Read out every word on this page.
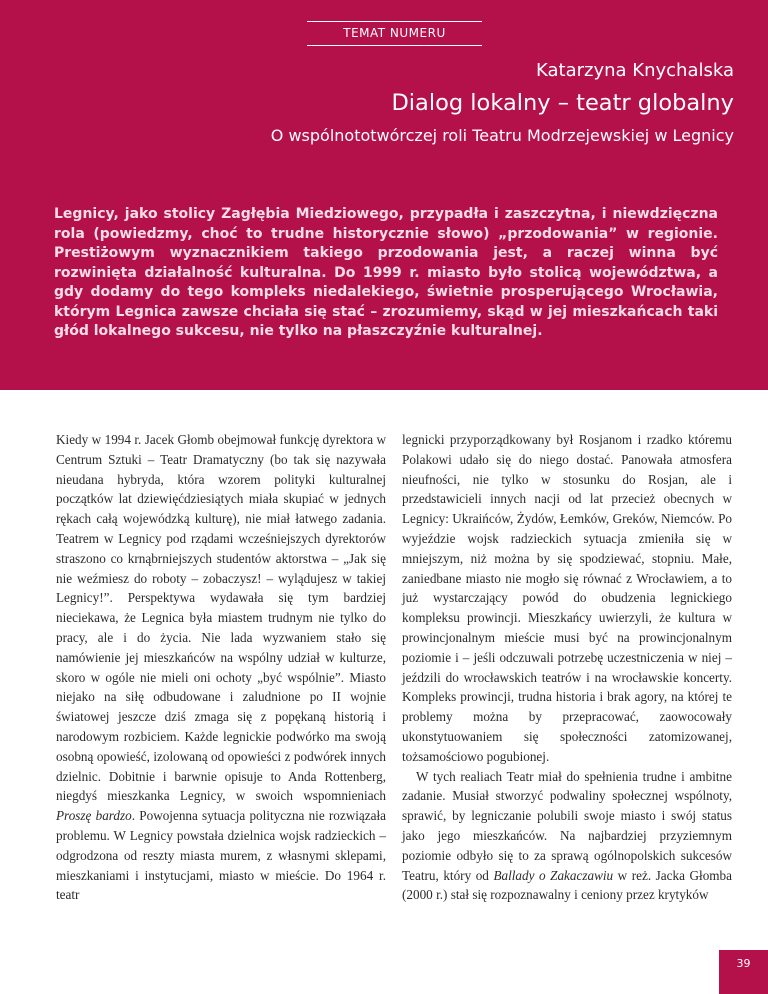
TEMAT NUMERU
Katarzyna Knychalska
Dialog lokalny – teatr globalny
O wspólnototwórczej roli Teatru Modrzejewskiej w Legnicy

Legnicy, jako stolicy Zagłębia Miedziowego, przypadła i zaszczytna, i niewdzięczna rola (powiedzmy, choć to trudne historycznie słowo) „przodowania” w regionie. Prestiżowym wyznacznikiem takiego przodowania jest, a raczej winna być rozwinięta działalność kulturalna. Do 1999 r. miasto było stolicą województwa, a gdy dodamy do tego kompleks niedalekiego, świetnie prosperującego Wrocławia, którym Legnica zawsze chciała się stać – zrozumiemy, skąd w jej mieszkańcach taki głód lokalnego sukcesu, nie tylko na płaszczyźnie kulturalnej.

Kiedy w 1994 r. Jacek Głomb obejmował funkcję dyrektora w Centrum Sztuki – Teatr Dramatyczny (bo tak się nazywała nieudana hybryda, która wzorem polityki kulturalnej początków lat dziewięćdziesiątych miała skupiać w jednych rękach całą wojewódzką kulturę), nie miał łatwego zadania. Teatrem w Legnicy pod rządami wcześniejszych dyrektorów straszono co krnąbrniejszych studentów aktorstwa – „Jak się nie weźmiesz do roboty – zobaczysz! – wylądujesz w takiej Legnicy!”. Perspektywa wydawała się tym bardziej nieciekawa, że Legnica była miastem trudnym nie tylko do pracy, ale i do życia. Nie lada wyzwaniem stało się namówienie jej mieszkańców na wspólny udział w kulturze, skoro w ogóle nie mieli oni ochoty „być wspólnie”. Miasto niejako na siłę odbudowane i zaludnione po II wojnie światowej jeszcze dziś zmaga się z popękaną historią i narodowym rozbiciem. Każde legnickie podwórko ma swoją osobną opowieść, izolowaną od opowieści z podwórek innych dzielnic. Dobitnie i barwnie opisuje to Anda Rottenberg, niegdyś mieszkanka Legnicy, w swoich wspomnieniach Proszę bardzo. Powojenna sytuacja polityczna nie rozwiązała problemu. W Legnicy powstała dzielnica wojsk radzieckich – odgrodzona od reszty miasta murem, z własnymi sklepami, mieszkaniami i instytucjami, miasto w mieście. Do 1964 r. teatr

legnicki przyporządkowany był Rosjanom i rzadko któremu Polakowi udało się do niego dostać. Panowała atmosfera nieufności, nie tylko w stosunku do Rosjan, ale i przedstawicieli innych nacji od lat przecież obecnych w Legnicy: Ukraińców, Żydów, Łemków, Greków, Niemców. Po wyjeździe wojsk radzieckich sytuacja zmieniła się w mniejszym, niż można by się spodziewać, stopniu. Małe, zaniedbane miasto nie mogło się równać z Wrocławiem, a to już wystarczający powód do obudzenia legnickiego kompleksu prowincji. Mieszkańcy uwierzyli, że kultura w prowincjonalnym mieście musi być na prowincjonalnym poziomie i – jeśli odczuwali potrzebę uczestniczenia w niej – jeździli do wrocławskich teatrów i na wrocławskie koncerty. Kompleks prowincji, trudna historia i brak agory, na której te problemy można by przepracować, zaowocowały ukonstytuowaniem się społeczności zatomizowanej, tożsamościowo pogubionej.

W tych realiach Teatr miał do spełnienia trudne i ambitne zadanie. Musiał stworzyć podwaliny społecznej wspólnoty, sprawić, by legniczanie polubili swoje miasto i swój status jako jego mieszkańców. Na najbardziej przyziemnym poziomie odbyło się to za sprawą ogólnopolskich sukcesów Teatru, który od Ballady o Zakaczawiu w reż. Jacka Głomba (2000 r.) stał się rozpoznawalny i ceniony przez krytyków

39
